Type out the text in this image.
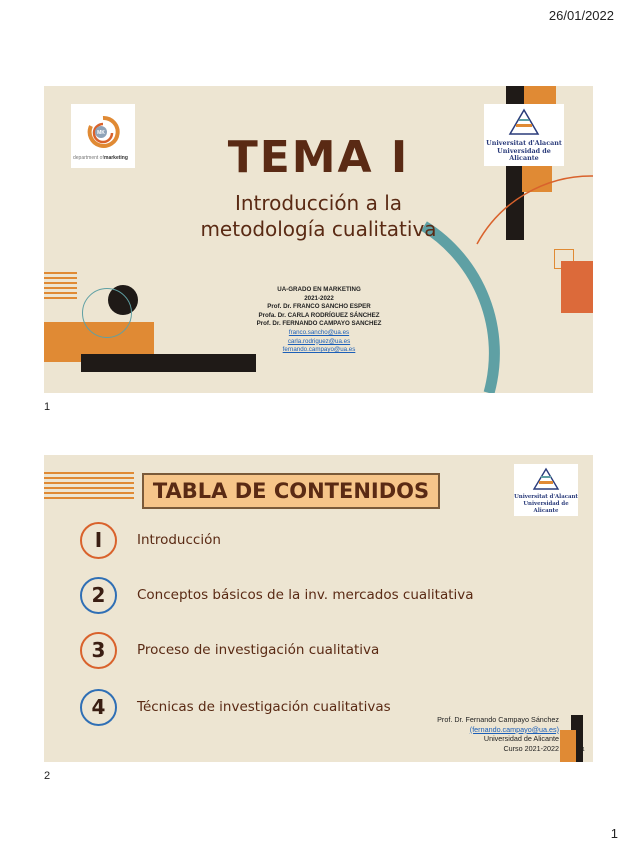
26/01/2022
MK
department of marketing
Universitat d'Alacant
Universidad de Alicante
TEMA I
Introducción a la
metodología cualitativa
UA-GRADO EN MARKETING
2021-2022
Prof. Dr. FRANCO SANCHO ESPER
Profa. Dr. CARLA RODRÍGUEZ SÁNCHEZ
Prof. Dr. FERNANDO CAMPAYO SANCHEZ
franco.sancho@ua.es
carla.rodriguez@ua.es
fernando.campayo@ua.es
1
TABLA DE CONTENIDOS	Universitat d'Alacant
Universidad de Alicante
I	Introducción
2	Conceptos básicos de la inv. mercados cualitativa
3	Proceso de investigación cualitativa
4	Técnicas de investigación cualitativas
Prof. Dr. Fernando Campayo Sánchez
(fernando.campayo@ua.es)
Universidad de Alicante
Curso 2021-2022	1
2
1
